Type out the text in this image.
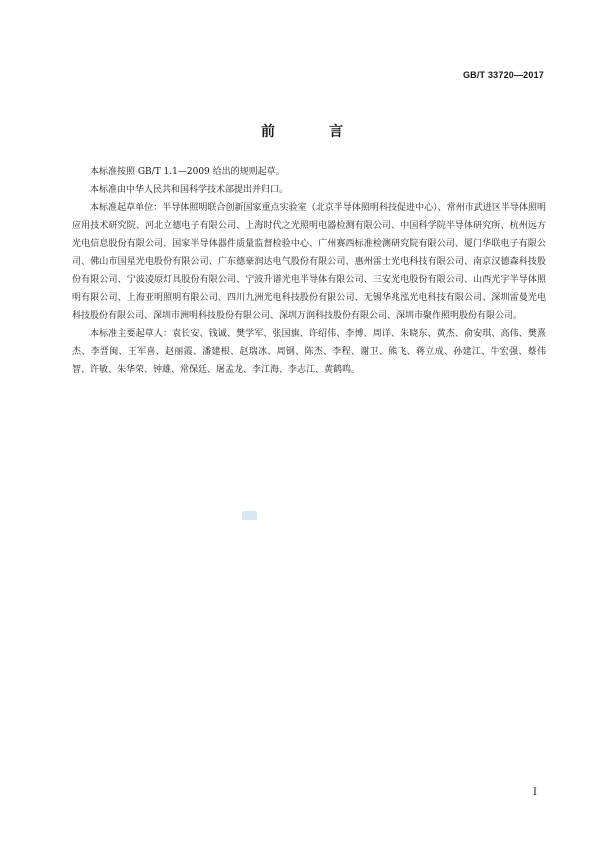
GB/T 33720—2017
前　言

本标准按照 GB/T 1.1—2009 给出的规则起草。

本标准由中华人民共和国科学技术部提出并归口。

本标准起草单位：半导体照明联合创新国家重点实验室（北京半导体照明科技促进中心）、常州市武进区半导体照明应用技术研究院、河北立德电子有限公司、上海时代之光照明电器检测有限公司、中国科学院半导体研究所、杭州远方光电信息股份有限公司、国家半导体器件质量监督检验中心、广州赛西标准检测研究院有限公司、厦门华联电子有限公司、佛山市国星光电股份有限公司、广东德豪润达电气股份有限公司、惠州雷士光电科技有限公司、南京汉德森科技股份有限公司、宁波凌原灯具股份有限公司、宁波升谱光电半导体有限公司、三安光电股份有限公司、山西光宇半导体照明有限公司、上海亚明照明有限公司、四川九洲光电科技股份有限公司、无锡华兆泓光电科技有限公司、深圳雷曼光电科技股份有限公司、深圳市洲明科技股份有限公司、深圳万润科技股份有限公司、深圳市聚作照明股份有限公司。

本标准主要起草人：袁长安、钱诚、樊学军、张国旗、许绍伟、李博、周详、朱晓东、黄杰、俞安琪、高伟、樊熹杰、李晋闽、王军喜、赵丽霞、潘建根、赵瑞冰、周钢、陈杰、李程、谢卫、熊飞、蒋立成、孙建江、牛宏强、蔡伟智、许敏、朱华荣、钟雄、常保廷、屠孟龙、李江海、李志江、黄鹤鸣。

I
